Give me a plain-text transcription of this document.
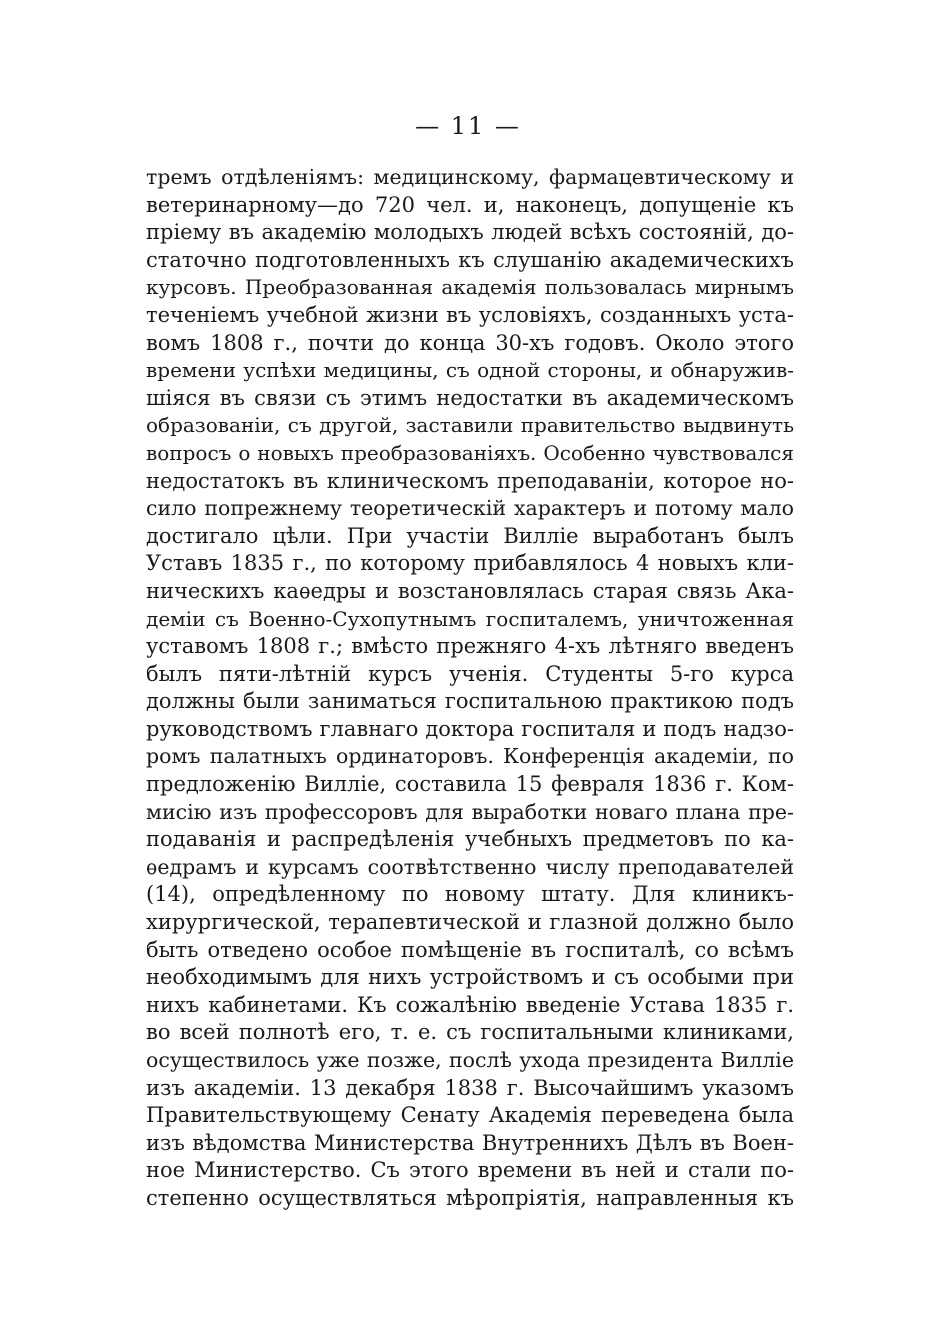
— 11 —
тремъ отдѣленіямъ: медицинскому, фармацевтическому и
ветеринарному—до 720 чел. и, наконецъ, допущеніе къ
пріему въ академію молодыхъ людей всѣхъ состояній, до-
статочно подготовленныхъ къ слушанію академическихъ
курсовъ. Преобразованная академія пользовалась мирнымъ
теченіемъ учебной жизни въ условіяхъ, созданныхъ уста-
вомъ 1808 г., почти до конца 30-хъ годовъ. Около этого
времени успѣхи медицины, съ одной стороны, и обнаружив-
шіяся въ связи съ этимъ недостатки въ академическомъ
образованіи, съ другой, заставили правительство выдвинуть
вопросъ о новыхъ преобразованіяхъ. Особенно чувствовался
недостатокъ въ клиническомъ преподаваніи, которое но-
сило попрежнему теоретическій характеръ и потому мало
достигало цѣли. При участіи Вилліе выработанъ былъ
Уставъ 1835 г., по которому прибавлялось 4 новыхъ кли-
ническихъ каѳедры и возстановлялась старая связь Ака-
деміи съ Военно-Сухопутнымъ госпиталемъ, уничтоженная
уставомъ 1808 г.; вмѣсто прежняго 4-хъ лѣтняго введенъ
былъ пяти-лѣтній курсъ ученія. Студенты 5-го курса
должны были заниматься госпитальною практикою подъ
руководствомъ главнаго доктора госпиталя и подъ надзо-
ромъ палатныхъ ординаторовъ. Конференція академіи, по
предложенію Вилліе, составила 15 февраля 1836 г. Ком-
мисію изъ профессоровъ для выработки новаго плана пре-
подаванія и распредѣленія учебныхъ предметовъ по ка-
ѳедрамъ и курсамъ соотвѣтственно числу преподавателей
(14), опредѣленному по новому штату. Для клиникъ-
хирургической, терапевтической и глазной должно было
быть отведено особое помѣщеніе въ госпиталѣ, со всѣмъ
необходимымъ для нихъ устройствомъ и съ особыми при
нихъ кабинетами. Къ сожалѣнію введеніе Устава 1835 г.
во всей полнотѣ его, т. е. съ госпитальными клиниками,
осуществилось уже позже, послѣ ухода президента Вилліе
изъ академіи. 13 декабря 1838 г. Высочайшимъ указомъ
Правительствующему Сенату Академія переведена была
изъ вѣдомства Министерства Внутреннихъ Дѣлъ въ Воен-
ное Министерство. Съ этого времени въ ней и стали по-
степенно осуществляться мѣропріятія, направленныя къ
